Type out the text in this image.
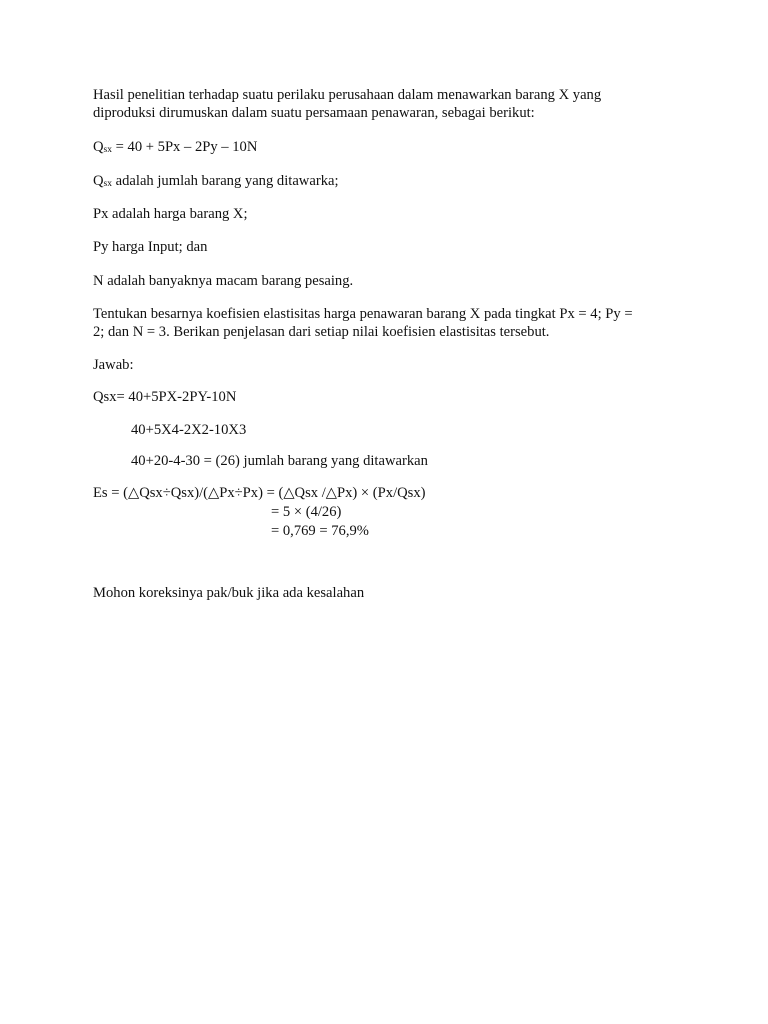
Hasil penelitian terhadap suatu perilaku perusahaan dalam menawarkan barang X yang
diproduksi dirumuskan dalam suatu persamaan penawaran, sebagai berikut:
Qsx = 40 + 5Px – 2Py – 10N
Qsx adalah jumlah barang yang ditawarka;
Px adalah harga barang X;
Py harga Input; dan
N adalah banyaknya macam barang pesaing.
Tentukan besarnya koefisien elastisitas harga penawaran barang X pada tingkat Px = 4; Py =
2; dan N = 3. Berikan penjelasan dari setiap nilai koefisien elastisitas tersebut.
Jawab:
Qsx= 40+5PX-2PY-10N
40+5X4-2X2-10X3
40+20-4-30 = (26) jumlah barang yang ditawarkan
Es = (△Qsx÷Qsx)/(△Px÷Px) = (△Qsx /△Px) × (Px/Qsx)
= 5 × (4/26)
= 0,769 = 76,9%
Mohon koreksinya pak/buk jika ada kesalahan
